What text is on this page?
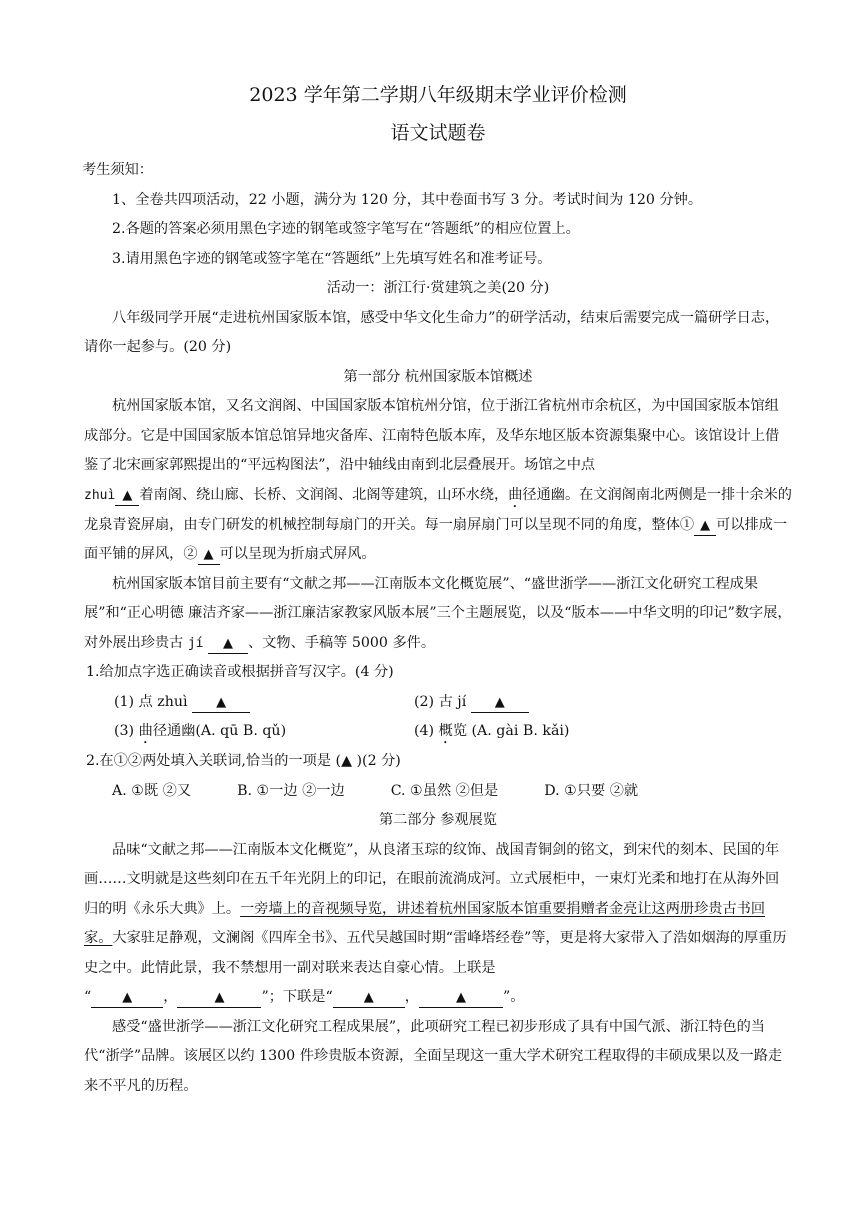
2023 学年第二学期八年级期末学业评价检测
语文试题卷

考生须知：

1、全卷共四项活动，22 小题，满分为 120 分，其中卷面书写 3 分。考试时间为 120 分钟。

2.各题的答案必须用黑色字迹的钢笔或签字笔写在“答题纸”的相应位置上。

3.请用黑色字迹的钢笔或签字笔在“答题纸”上先填写姓名和准考证号。

活动一：浙江行·赏建筑之美(20 分)

八年级同学开展“走进杭州国家版本馆，感受中华文化生命力”的研学活动，结束后需要完成一篇研学日志，请你一起参与。(20 分)

第一部分 杭州国家版本馆概述

杭州国家版本馆，又名文润阁、中国国家版本馆杭州分馆，位于浙江省杭州市余杭区，为中国国家版本馆组成部分。它是中国国家版本馆总馆异地灾备库、江南特色版本库，及华东地区版本资源集聚中心。该馆设计上借鉴了北宋画家郭熙提出的“平远构图法”，沿中轴线由南到北层叠展开。场馆之中点
zhuì ▲ 着南阁、绕山廊、长桥、文润阁、北阁等建筑，山环水绕，曲径通幽。在文润阁南北两侧是一排十余米的龙泉青瓷屏扇，由专门研发的机械控制每扇门的开关。每一扇屏扇门可以呈现不同的角度，整体① ▲ 可以排成一面平铺的屏风，② ▲ 可以呈现为折扇式屏风。

杭州国家版本馆目前主要有“文献之邦——江南版本文化概览展”、“盛世浙学——浙江文化研究工程成果展”和“正心明德 廉洁齐家——浙江廉洁家教家风版本展”三个主题展览，以及“版本——中华文明的印记”数字展，对外展出珍贵古 jí ▲ 、文物、手稿等 5000 多件。

1.给加点字选正确读音或根据拼音写汉字。(4 分)

(1) 点 zhuì ▲	(2) 古 jí ▲
(3) 曲径通幽(A. qū B. qǔ)	(4) 概览 (A. gài B. kǎi)

2.在①②两处填入关联词,恰当的一项是 (▲ )(2 分)

A. ①既 ②又	B. ①一边 ②一边	C. ①虽然 ②但是	D. ①只要 ②就

第二部分 参观展览

品味“文献之邦——江南版本文化概览”，从良渚玉琮的纹饰、战国青铜剑的铭文，到宋代的刻本、民国的年画……文明就是这些刻印在五千年光阴上的印记，在眼前流淌成河。立式展柜中，一束灯光柔和地打在从海外回归的明《永乐大典》上。一旁墙上的音视频导览，讲述着杭州国家版本馆重要捐赠者金亮让这两册珍贵古书回家。大家驻足静观，文澜阁《四库全书》、五代吴越国时期“雷峰塔经卷”等，更是将大家带入了浩如烟海的厚重历史之中。此情此景，我不禁想用一副对联来表达自豪心情。上联是
“ ▲ ，	▲	”；下联是“ ▲ ，	▲	”。

感受“盛世浙学——浙江文化研究工程成果展”，此项研究工程已初步形成了具有中国气派、浙江特色的当代“浙学”品牌。该展区以约 1300 件珍贵版本资源，全面呈现这一重大学术研究工程取得的丰硕成果以及一路走来不平凡的历程。
